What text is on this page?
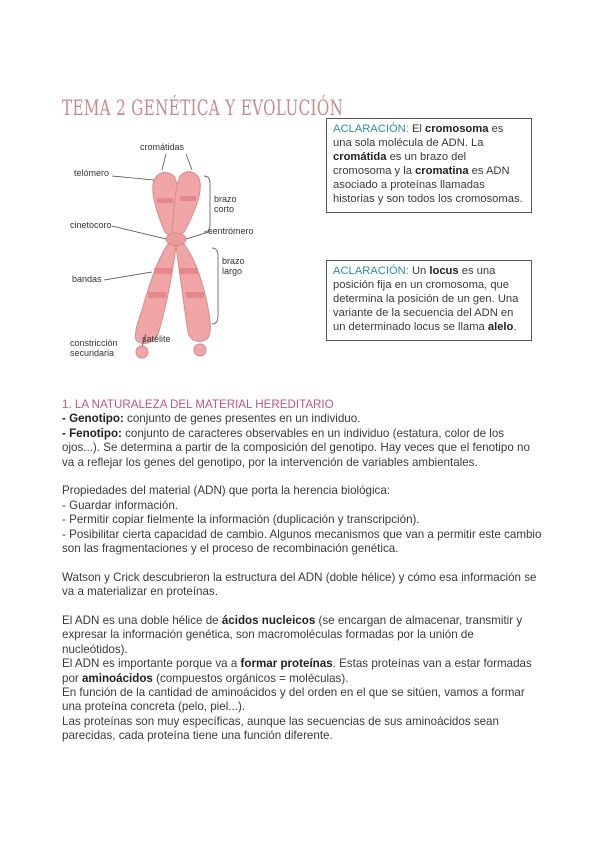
TEMA 2 GENÉTICA Y EVOLUCIÓN
cromátidas
telómero
brazo
corto
cinetocoro
centrómero
brazo
largo
bandas
satélite
constricción
secundaria
ACLARACIÓN: El cromosoma es una sola molécula de ADN. La cromátida es un brazo del cromosoma y la cromatina es ADN asociado a proteínas llamadas historias y son todos los cromosomas.
ACLARACIÓN: Un locus es una posición fija en un cromosoma, que determina la posición de un gen. Una variante de la secuencia del ADN en un determinado locus se llama alelo.

1. LA NATURALEZA DEL MATERIAL HEREDITARIO

- Genotipo: conjunto de genes presentes en un individuo.

- Fenotipo: conjunto de caracteres observables en un individuo (estatura, color de los ojos...). Se determina a partir de la composición del genotipo. Hay veces que el fenotipo no va a reflejar los genes del genotipo, por la intervención de variables ambientales.

Propiedades del material (ADN) que porta la herencia biológica:

- Guardar información.

- Permitir copiar fielmente la información (duplicación y transcripción).

- Posibilitar cierta capacidad de cambio. Algunos mecanismos que van a permitir este cambio son las fragmentaciones y el proceso de recombinación genética.

Watson y Crick descubrieron la estructura del ADN (doble hélice) y cómo esa información se va a materializar en proteínas.

El ADN es una doble hélice de ácidos nucleicos (se encargan de almacenar, transmitir y expresar la información genética, son macromoléculas formadas por la unión de nucleótidos).

El ADN es importante porque va a formar proteínas. Estas proteínas van a estar formadas por aminoácidos (compuestos orgánicos = moléculas).

En función de la cantidad de aminoácidos y del orden en el que se sitúen, vamos a formar una proteína concreta (pelo, piel...).

Las proteínas son muy específicas, aunque las secuencias de sus aminoácidos sean parecidas, cada proteína tiene una función diferente.
